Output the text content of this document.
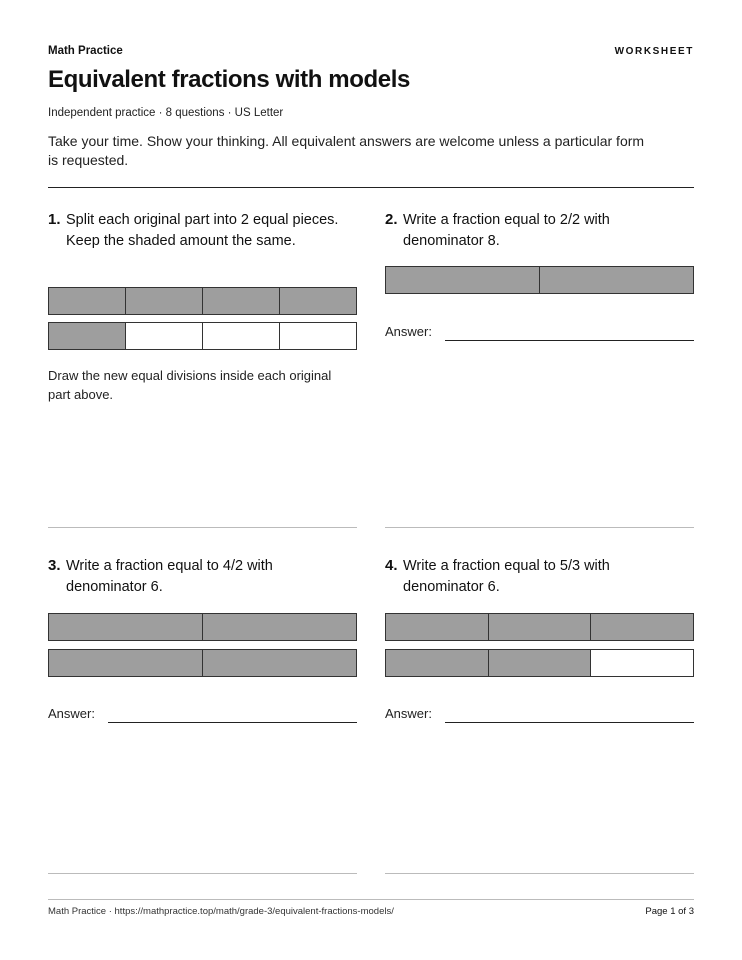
Math Practice	WORKSHEET
Equivalent fractions with models
Independent practice · 8 questions · US Letter
Take your time. Show your thinking. All equivalent answers are welcome unless a particular form is requested.
1. Split each original part into 2 equal pieces. Keep the shaded amount the same.
Draw the new equal divisions inside each original part above.
2. Write a fraction equal to 2/2 with denominator 8.
Answer:
3. Write a fraction equal to 4/2 with denominator 6.
Answer:
4. Write a fraction equal to 5/3 with denominator 6.
Answer:
Math Practice · https://mathpractice.top/math/grade-3/equivalent-fractions-models/	Page 1 of 3
